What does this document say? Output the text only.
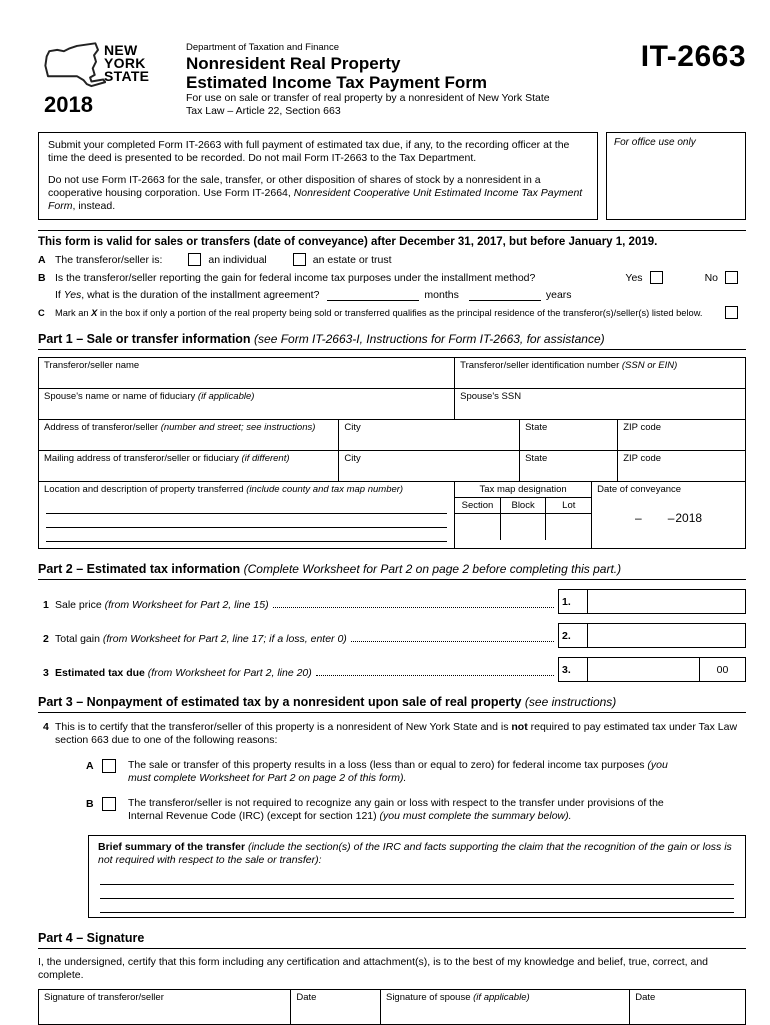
NEW
YORK
STATE
2018
Department of Taxation and Finance
Nonresident Real Property
Estimated Income Tax Payment Form
For use on sale or transfer of real property by a nonresident of New York State
Tax Law – Article 22, Section 663
IT-2663

Submit your completed Form IT-2663 with full payment of estimated tax due, if any, to the recording officer at the time the deed is presented to be recorded. Do not mail Form IT-2663 to the Tax Department.

Do not use Form IT-2663 for the sale, transfer, or other disposition of shares of stock by a nonresident in a cooperative housing corporation. Use Form IT-2664, Nonresident Cooperative Unit Estimated Income Tax Payment Form, instead.

For office use only
This form is valid for sales or transfers (date of conveyance) after December 31, 2017, but before January 1, 2019.
A The transferor/seller is:	an individual	an estate or trust
B Is the transferor/seller reporting the gain for federal income tax purposes under the installment method?	Yes	No
If Yes, what is the duration of the installment agreement?	months	years
C	Mark an X in the box if only a portion of the real property being sold or transferred qualifies as the principal residence of the transferor(s)/seller(s) listed below.
Part 1 – Sale or transfer information (see Form IT-2663-I, Instructions for Form IT-2663, for assistance)
Transferor/seller name	Transferor/seller identification number (SSN or EIN)
Spouse's name or name of fiduciary (if applicable)	Spouse's SSN
Address of transferor/seller (number and street; see instructions)	City	State	ZIP code
Mailing address of transferor/seller or fiduciary (if different)	City	State	ZIP code
Location and description of property transferred (include county and tax map number)	Tax map designation
Section	Block	Lot
Date of conveyance
– –2018
Part 2 – Estimated tax information (Complete Worksheet for Part 2 on page 2 before completing this part.)
1 Sale price (from Worksheet for Part 2, line 15)	1.
2 Total gain (from Worksheet for Part 2, line 17; if a loss, enter 0)	2.
3 Estimated tax due (from Worksheet for Part 2, line 20)	3.	00
Part 3 – Nonpayment of estimated tax by a nonresident upon sale of real property (see instructions)
4 This is to certify that the transferor/seller of this property is a nonresident of New York State and is not required to pay estimated tax under Tax Law section 663 due to one of the following reasons:
A	The sale or transfer of this property results in a loss (less than or equal to zero) for federal income tax purposes (you must complete Worksheet for Part 2 on page 2 of this form).
B	The transferor/seller is not required to recognize any gain or loss with respect to the transfer under provisions of the Internal Revenue Code (IRC) (except for section 121) (you must complete the summary below).
Brief summary of the transfer (include the section(s) of the IRC and facts supporting the claim that the recognition of the gain or loss is not required with respect to the sale or transfer):
Part 4 – Signature

I, the undersigned, certify that this form including any certification and attachment(s), is to the best of my knowledge and belief, true, correct, and complete.

Signature of transferor/seller	Date	Signature of spouse (if applicable)	Date
